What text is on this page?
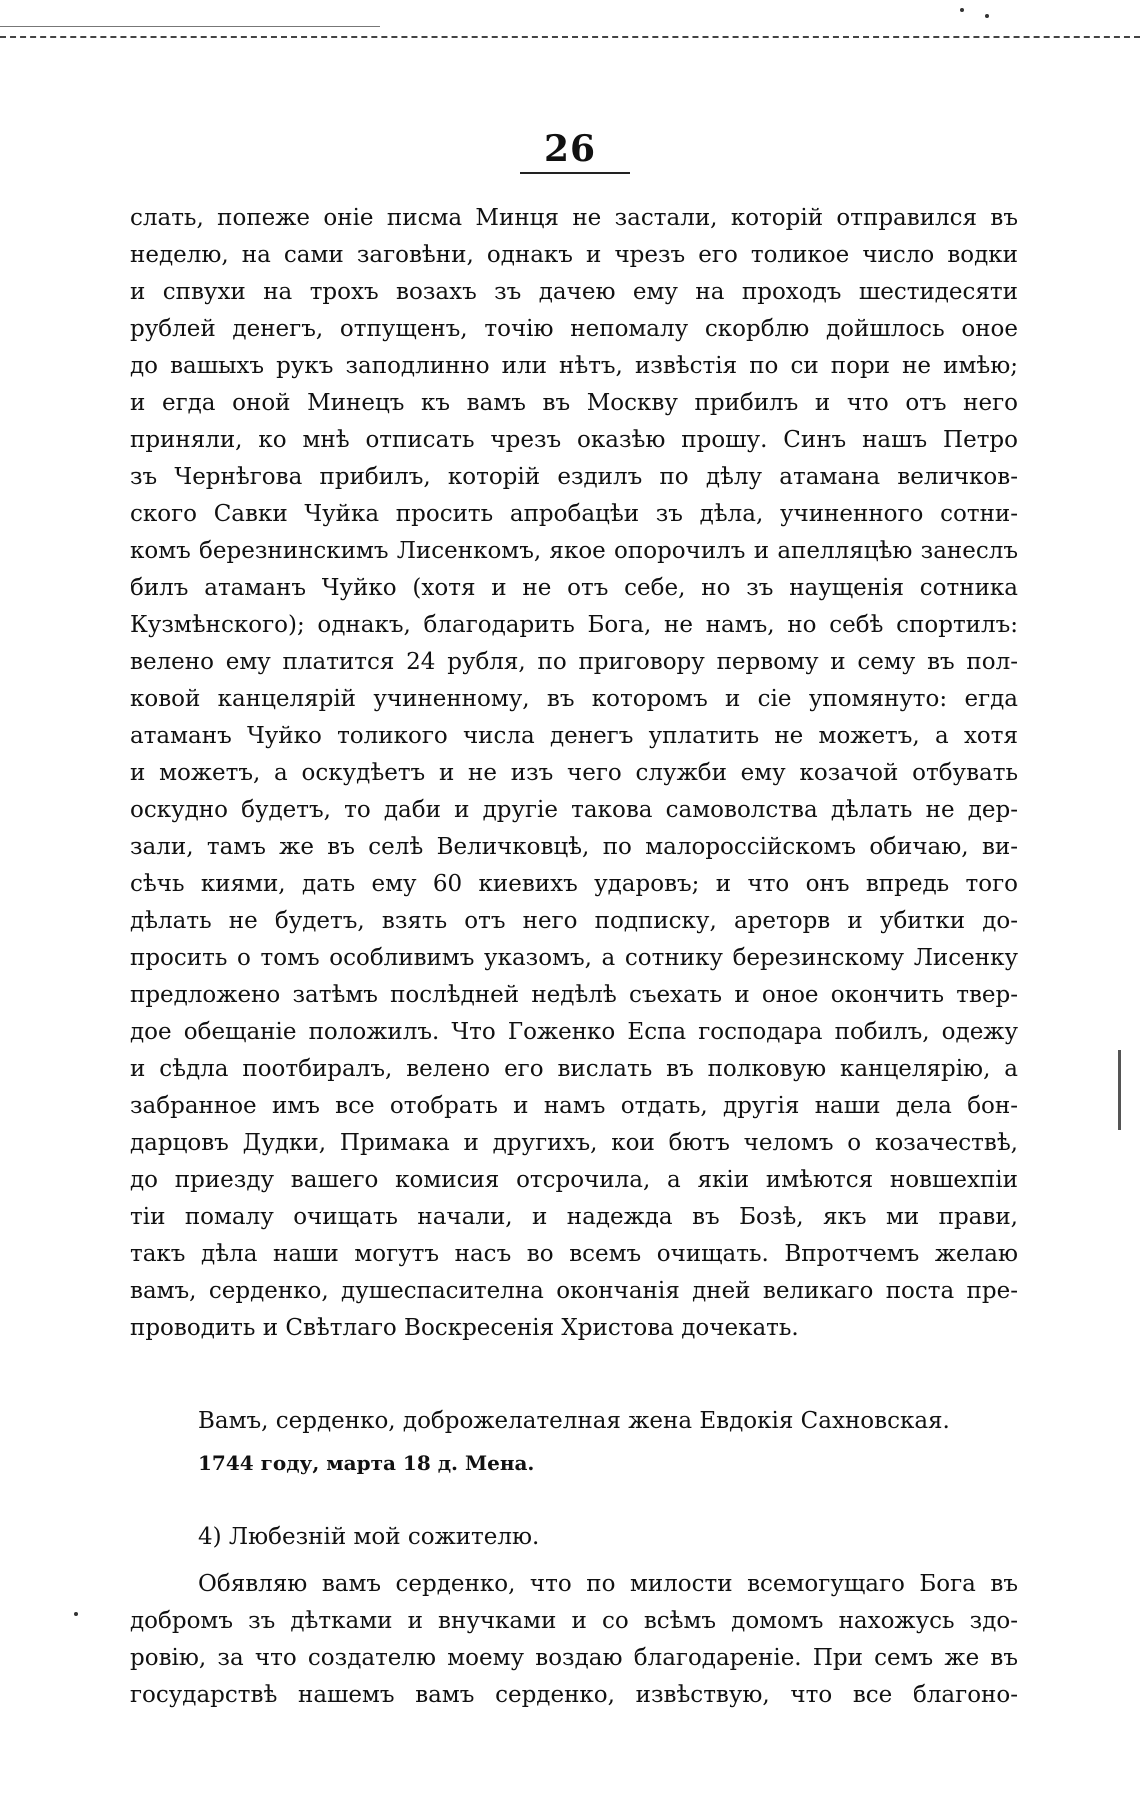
26
слать, попеже оніе писма Минця не застали, которій отправился въ
неделю, на сами заговѣни, однакъ и чрезъ его толикое число водки
и спвухи на трохъ возахъ зъ дачею ему на проходъ шестидесяти
рублей денегъ, отпущенъ, точію непомалу скорблю дойшлось оное
до вашыхъ рукъ заподлинно или нѣтъ, извѣстія по си пори не имѣю;
и егда оной Минецъ къ вамъ въ Москву прибилъ и что отъ него
приняли, ко мнѣ отписать чрезъ оказѣю прошу. Синъ нашъ Петро
зъ Чернѣгова прибилъ, которій ездилъ по дѣлу атамана величков-
ского Савки Чуйка просить апробацѣи зъ дѣла, учиненного сотни-
комъ березнинскимъ Лисенкомъ, якое опорочилъ и апелляцѣю занеслъ
билъ атаманъ Чуйко (хотя и не отъ себе, но зъ наущенія сотника
Кузмѣнского); однакъ, благодарить Бога, не намъ, но себѣ спортилъ:
велено ему платится 24 рубля, по приговору первому и сему въ пол-
ковой канцелярій учиненному, въ которомъ и сіе упомянуто: егда
атаманъ Чуйко толикого числа денегъ уплатить не можетъ, а хотя
и можетъ, а оскудѣетъ и не изъ чего служби ему козачой отбувать
оскудно будетъ, то даби и другіе такова самоволства дѣлать не дер-
зали, тамъ же въ селѣ Величковцѣ, по малороссійскомъ обичаю, ви-
сѣчь киями, дать ему 60 киевихъ ударовъ; и что онъ впредь того
дѣлать не будетъ, взять отъ него подписку, ареторв и убитки до-
просить о томъ особливимъ указомъ, а сотнику березинскому Лисенку
предложено затѣмъ послѣдней недѣлѣ съехать и оное окончить твер-
дое обещаніе положилъ. Что Гоженко Еспа господара побилъ, одежу
и сѣдла поотбиралъ, велено его вислать въ полковую канцелярію, а
забранное имъ все отобрать и намъ отдать, другія наши дела бон-
дарцовъ Дудки, Примака и другихъ, кои бютъ челомъ о козачествѣ,
до приезду вашего комисия отсрочила, а якіи имѣются новшехпіи
тіи помалу очищать начали, и надежда въ Бозѣ, якъ ми прави,
такъ дѣла наши могутъ насъ во всемъ очищать. Впротчемъ желаю
вамъ, серденко, душеспасителна окончанія дней великаго поста пре-
проводить и Свѣтлаго Воскресенія Христова дочекать.
Вамъ, серденко, доброжелателная жена Евдокія Сахновская.
1744 году, марта 18 д. Мена.
4) Любезній мой сожителю.
Обявляю вамъ серденко, что по милости всемогущаго Бога въ
добромъ зъ дѣтками и внучками и со всѣмъ домомъ нахожусь здо-
ровію, за что создателю моему воздаю благодареніе. При семъ же въ
государствѣ нашемъ вамъ серденко, извѣствую, что все благоно-
